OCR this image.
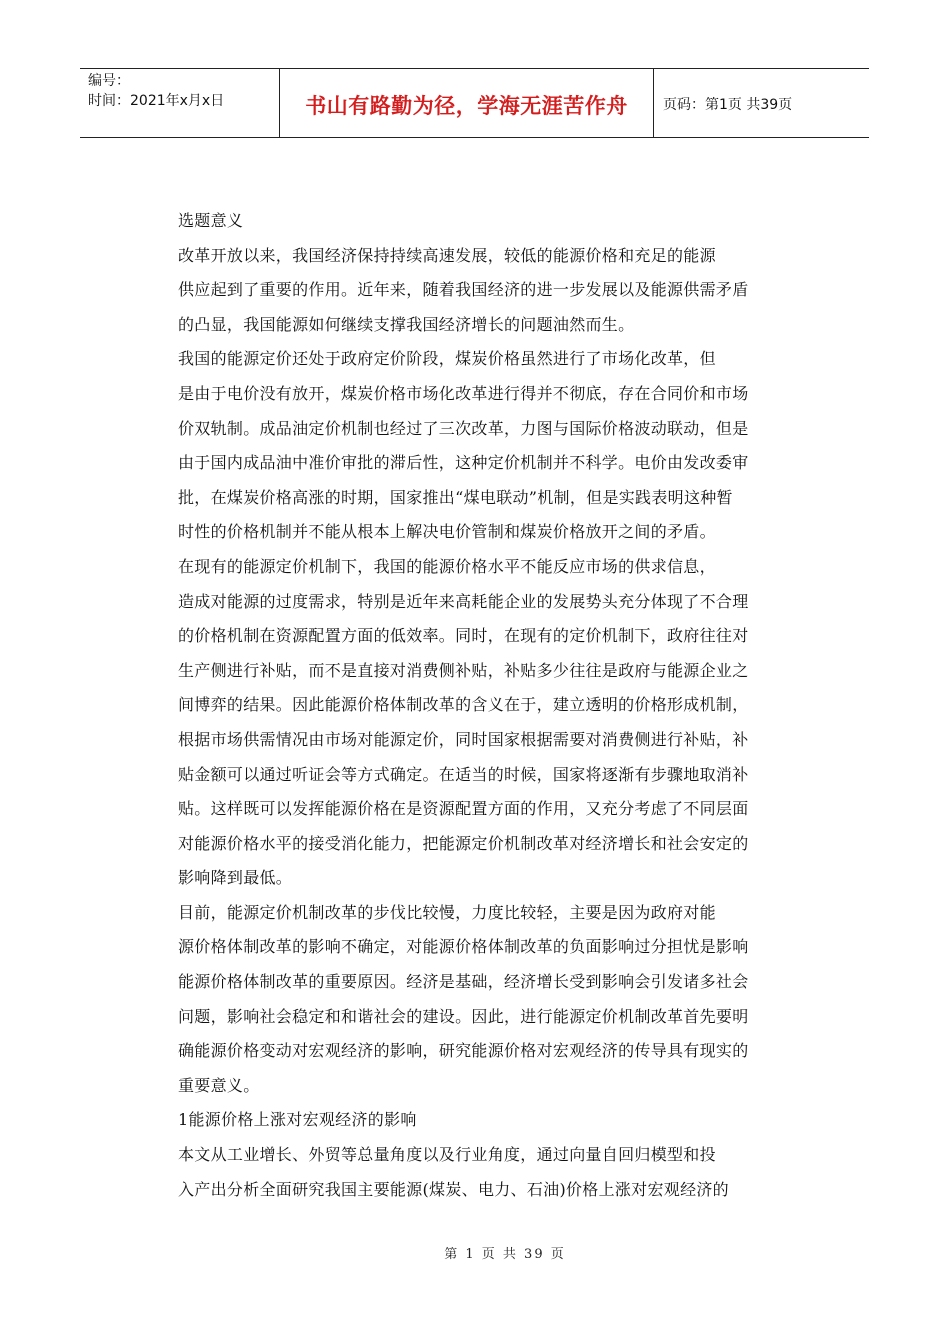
编号：
时间：2021年x月x日	书山有路勤为径，学海无涯苦作舟	页码：第1页 共39页
选题意义
改革开放以来，我国经济保持持续高速发展，较低的能源价格和充足的能源
供应起到了重要的作用。近年来，随着我国经济的进一步发展以及能源供需矛盾
的凸显，我国能源如何继续支撑我国经济增长的问题油然而生。
我国的能源定价还处于政府定价阶段，煤炭价格虽然进行了市场化改革，但
是由于电价没有放开，煤炭价格市场化改革进行得并不彻底，存在合同价和市场
价双轨制。成品油定价机制也经过了三次改革，力图与国际价格波动联动，但是
由于国内成品油中准价审批的滞后性，这种定价机制并不科学。电价由发改委审
批，在煤炭价格高涨的时期，国家推出“煤电联动”机制，但是实践表明这种暂
时性的价格机制并不能从根本上解决电价管制和煤炭价格放开之间的矛盾。
在现有的能源定价机制下，我国的能源价格水平不能反应市场的供求信息，
造成对能源的过度需求，特别是近年来高耗能企业的发展势头充分体现了不合理
的价格机制在资源配置方面的低效率。同时，在现有的定价机制下，政府往往对
生产侧进行补贴，而不是直接对消费侧补贴，补贴多少往往是政府与能源企业之
间博弈的结果。因此能源价格体制改革的含义在于，建立透明的价格形成机制，
根据市场供需情况由市场对能源定价，同时国家根据需要对消费侧进行补贴，补
贴金额可以通过听证会等方式确定。在适当的时候，国家将逐渐有步骤地取消补
贴。这样既可以发挥能源价格在是资源配置方面的作用，又充分考虑了不同层面
对能源价格水平的接受消化能力，把能源定价机制改革对经济增长和社会安定的
影响降到最低。
目前，能源定价机制改革的步伐比较慢，力度比较轻，主要是因为政府对能
源价格体制改革的影响不确定，对能源价格体制改革的负面影响过分担忧是影响
能源价格体制改革的重要原因。经济是基础，经济增长受到影响会引发诸多社会
问题，影响社会稳定和和谐社会的建设。因此，进行能源定价机制改革首先要明
确能源价格变动对宏观经济的影响，研究能源价格对宏观经济的传导具有现实的
重要意义。
1能源价格上涨对宏观经济的影响
本文从工业增长、外贸等总量角度以及行业角度，通过向量自回归模型和投
入产出分析全面研究我国主要能源(煤炭、电力、石油)价格上涨对宏观经济的
第 1 页 共 39 页
